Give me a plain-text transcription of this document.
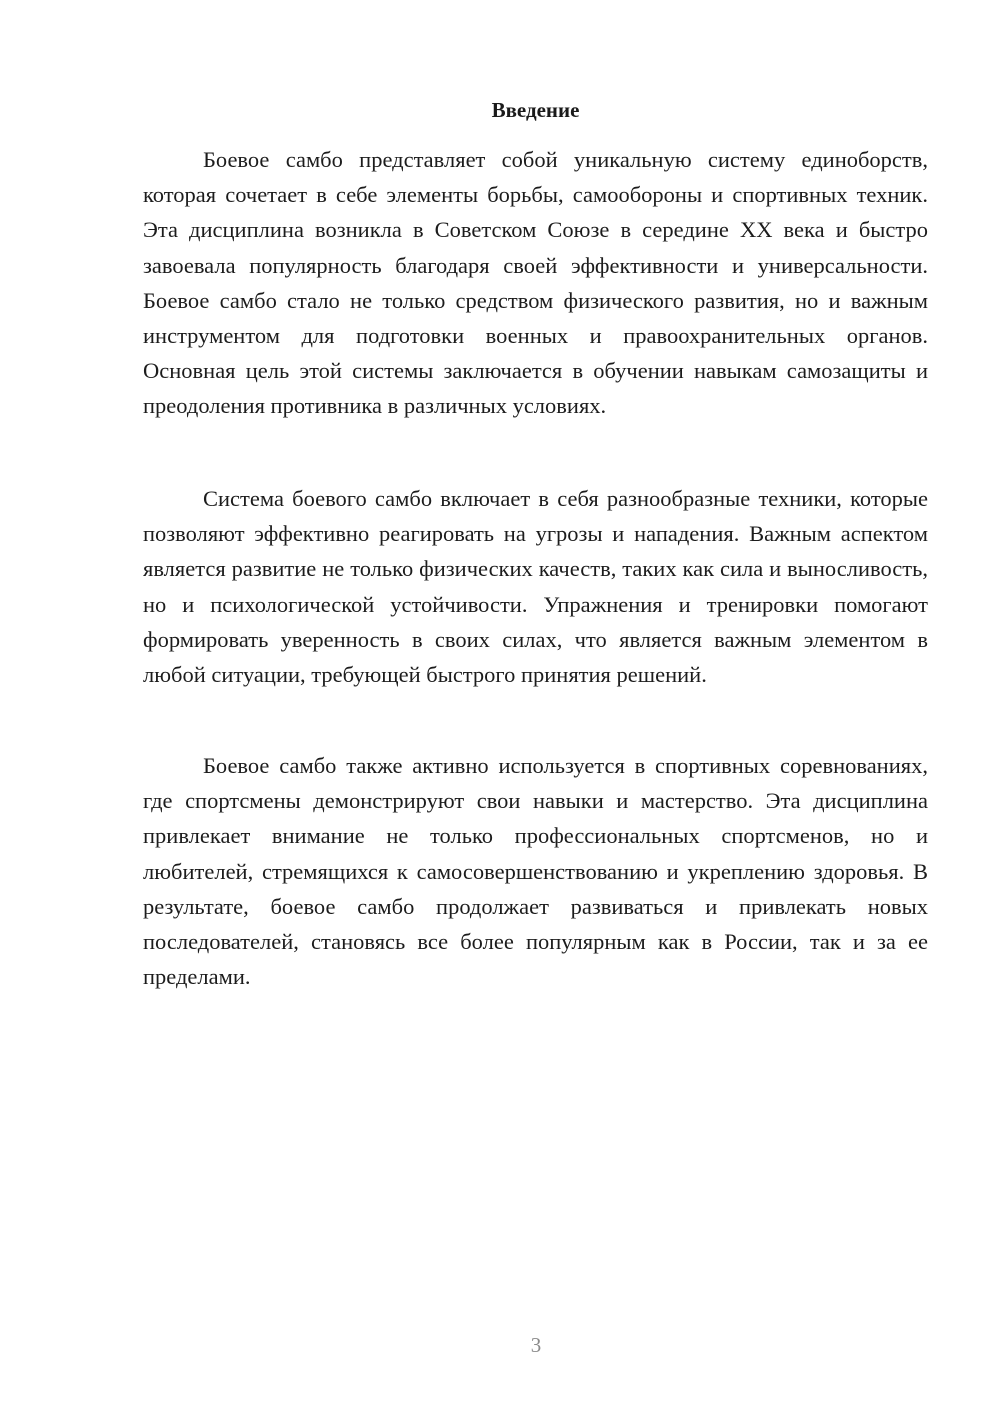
Введение

Боевое самбо представляет собой уникальную систему единоборств, которая сочетает в себе элементы борьбы, самообороны и спортивных техник. Эта дисциплина возникла в Советском Союзе в середине XX века и быстро завоевала популярность благодаря своей эффективности и универсальности. Боевое самбо стало не только средством физического развития, но и важным инструментом для подготовки военных и правоохранительных органов. Основная цель этой системы заключается в обучении навыкам самозащиты и преодоления противника в различных условиях.

Система боевого самбо включает в себя разнообразные техники, которые позволяют эффективно реагировать на угрозы и нападения. Важным аспектом является развитие не только физических качеств, таких как сила и выносливость, но и психологической устойчивости. Упражнения и тренировки помогают формировать уверенность в своих силах, что является важным элементом в любой ситуации, требующей быстрого принятия решений.

Боевое самбо также активно используется в спортивных соревнованиях, где спортсмены демонстрируют свои навыки и мастерство. Эта дисциплина привлекает внимание не только профессиональных спортсменов, но и любителей, стремящихся к самосовершенствованию и укреплению здоровья. В результате, боевое самбо продолжает развиваться и привлекать новых последователей, становясь все более популярным как в России, так и за ее пределами.

3
